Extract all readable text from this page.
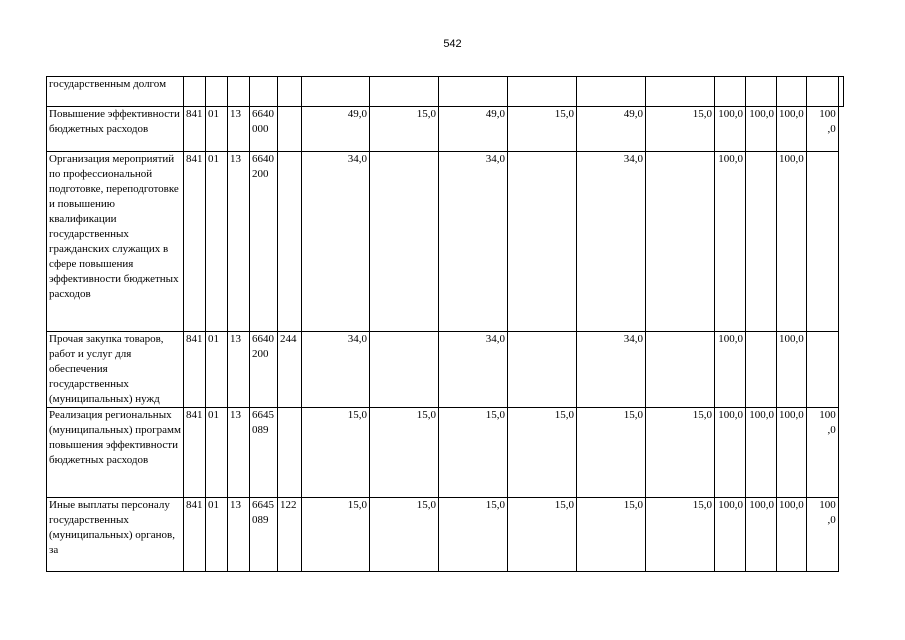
542
государственным долгом																
Повышение эффективности бюджетных расходов	841	01	13	6640 000		49,0	15,0	49,0	15,0	49,0	15,0	100,0	100,0	100,0	100 ,0	
Организация мероприятий по профессиональной подготовке, переподготовке и повышению квалификации государственных гражданских служащих в сфере повышения эффективности бюджетных расходов	841	01	13	6640 200		34,0		34,0		34,0		100,0		100,0		
Прочая закупка товаров, работ и услуг для обеспечения государственных (муниципальных) нужд	841	01	13	6640 200	244	34,0		34,0		34,0		100,0		100,0		
Реализация региональных (муниципальных) программ повышения эффективности бюджетных расходов	841	01	13	6645 089		15,0	15,0	15,0	15,0	15,0	15,0	100,0	100,0	100,0	100 ,0	
Иные выплаты персоналу государственных (муниципальных) органов, за	841	01	13	6645 089	122	15,0	15,0	15,0	15,0	15,0	15,0	100,0	100,0	100,0	100 ,0	
